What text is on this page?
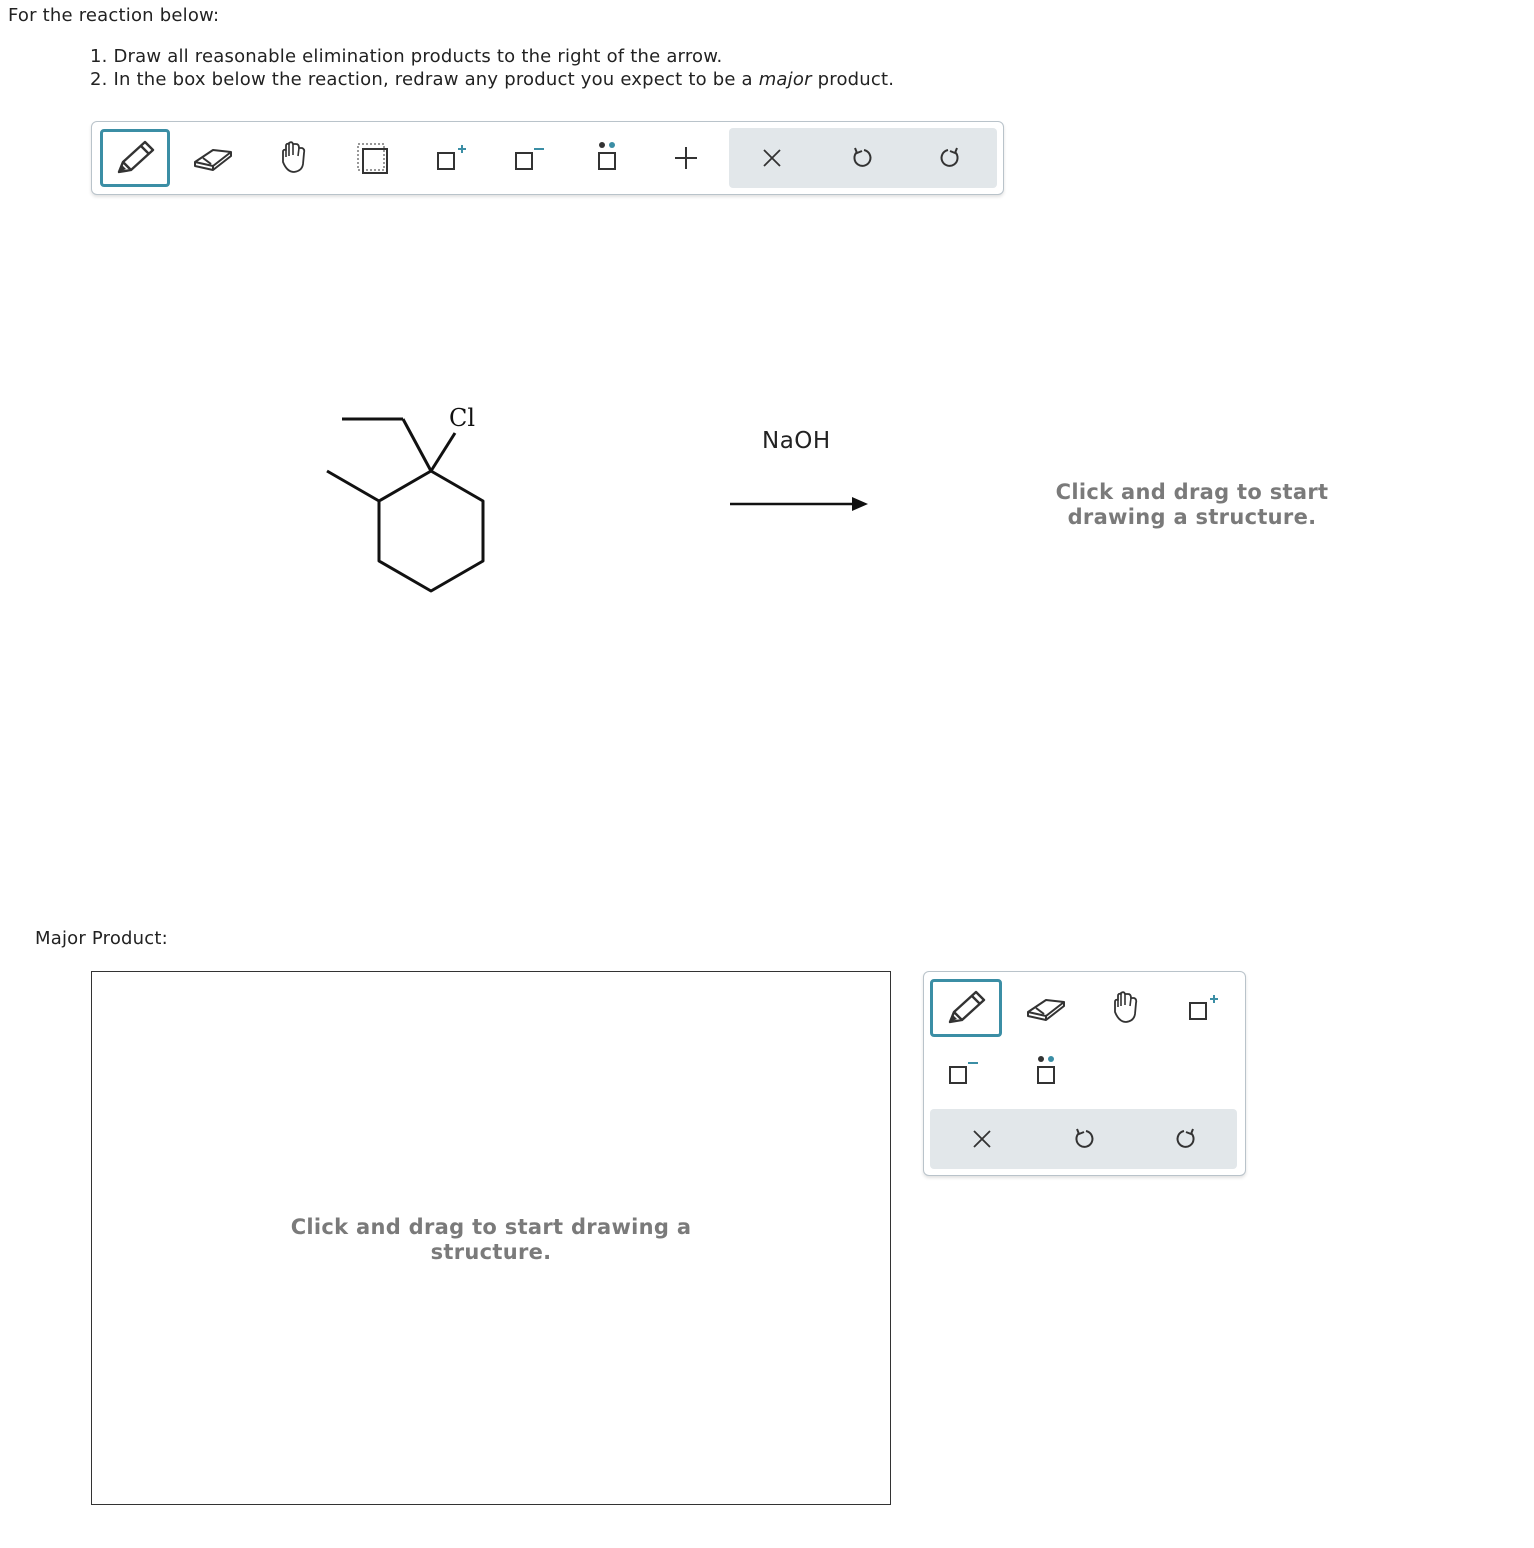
For the reaction below:
1. Draw all reasonable elimination products to the right of the arrow.
2. In the box below the reaction, redraw any product you expect to be a major product.
Cl
NaOH
Click and drag to start drawing a structure.
Major Product:
Click and drag to start drawing a structure.
